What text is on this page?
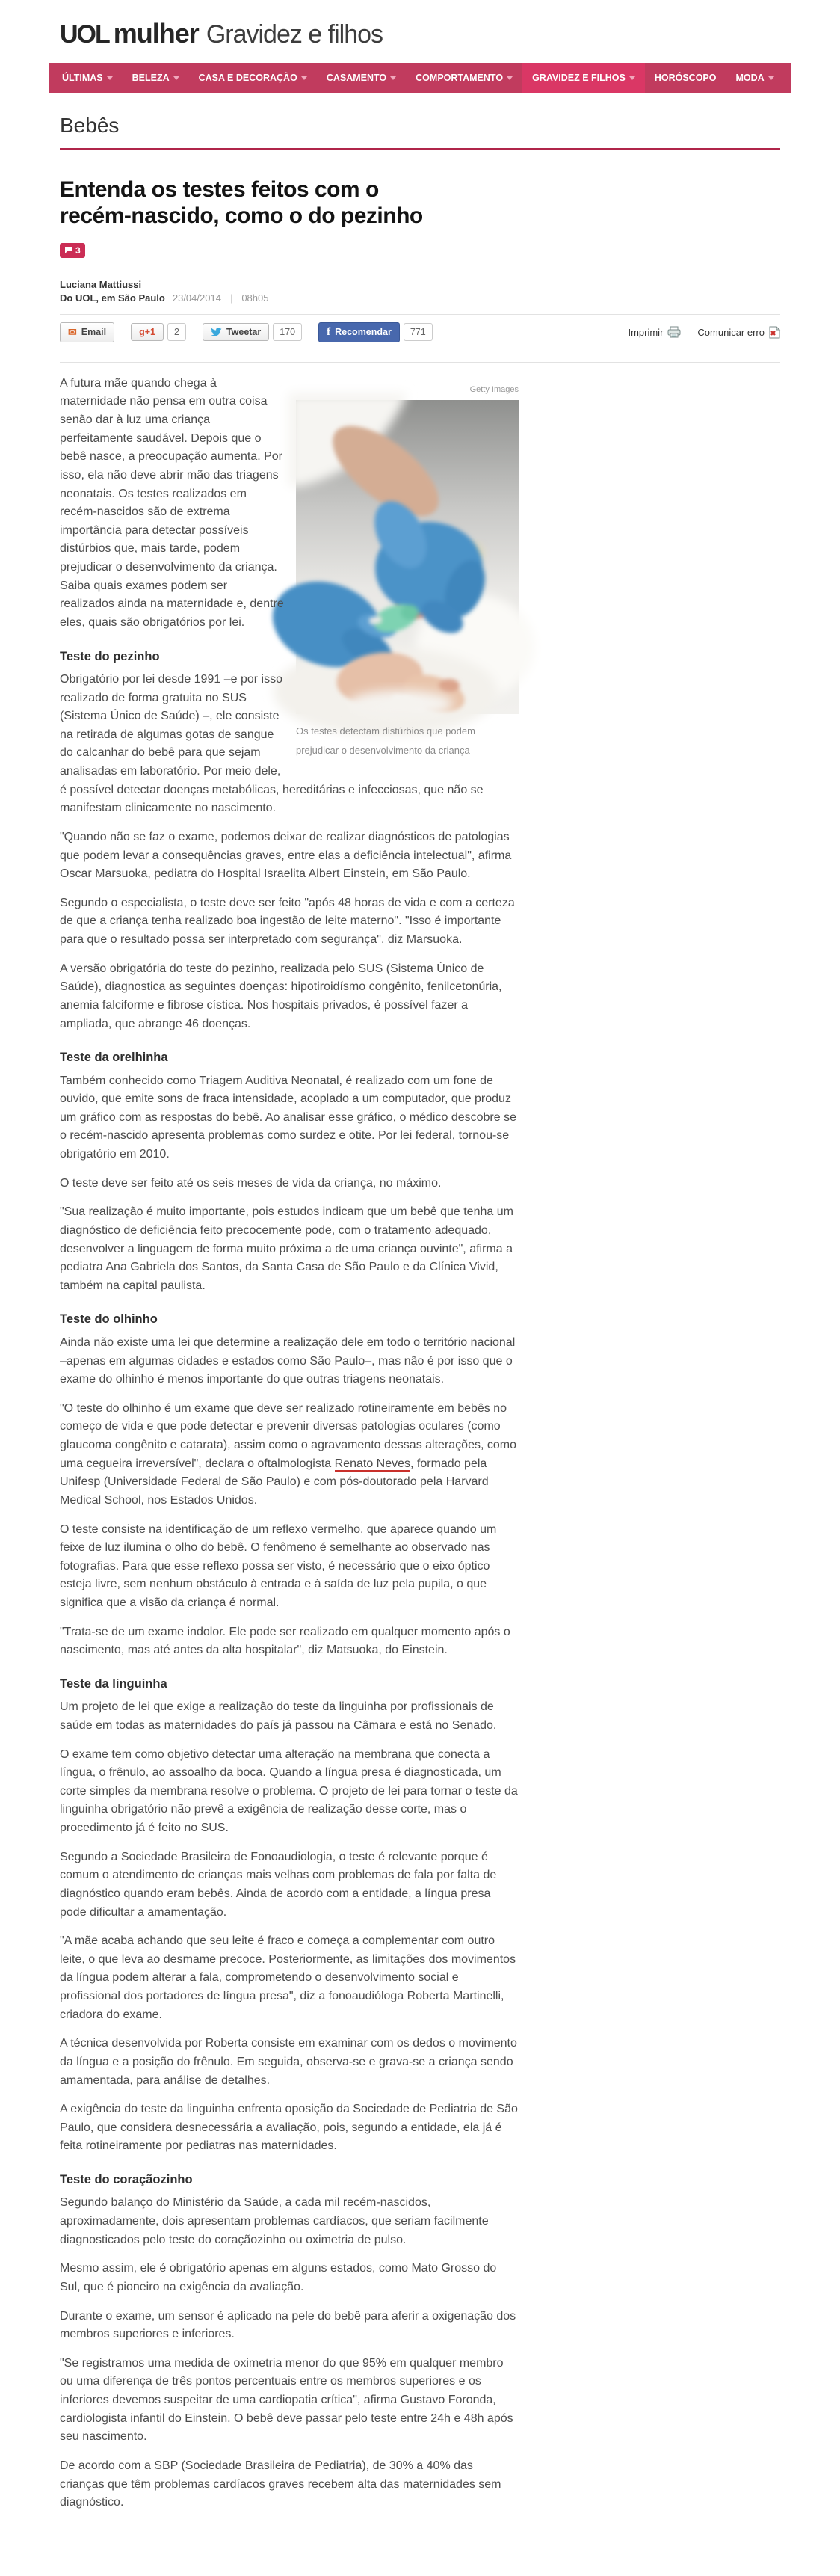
UOL mulher Gravidez e filhos
ÚLTIMAS	BELEZA	CASA E DECORAÇÃO	CASAMENTO	COMPORTAMENTO	GRAVIDEZ E FILHOS	HORÓSCOPO MODA	+ CANAIS
Bebês
Entenda os testes feitos com o recém-nascido, como o do pezinho
3
Luciana Mattiussi
Do UOL, em São Paulo 23/04/2014 | 08h05
✉ Email	g+1	2	Tweetar	170	f Recomendar	771	Imprimir	Comunicar erro
Getty Images
Os testes detectam distúrbios que podem prejudicar o desenvolvimento da criança

A futura mãe quando chega à maternidade não pensa em outra coisa senão dar à luz uma criança perfeitamente saudável. Depois que o bebê nasce, a preocupação aumenta. Por isso, ela não deve abrir mão das triagens neonatais. Os testes realizados em recém-nascidos são de extrema importância para detectar possíveis distúrbios que, mais tarde, podem prejudicar o desenvolvimento da criança. Saiba quais exames podem ser realizados ainda na maternidade e, dentre eles, quais são obrigatórios por lei.

Teste do pezinho

Obrigatório por lei desde 1991 –e por isso realizado de forma gratuita no SUS (Sistema Único de Saúde) –, ele consiste na retirada de algumas gotas de sangue do calcanhar do bebê para que sejam analisadas em laboratório. Por meio dele, é possível detectar doenças metabólicas, hereditárias e infecciosas, que não se manifestam clinicamente no nascimento.

"Quando não se faz o exame, podemos deixar de realizar diagnósticos de patologias que podem levar a consequências graves, entre elas a deficiência intelectual", afirma Oscar Marsuoka, pediatra do Hospital Israelita Albert Einstein, em São Paulo.

Segundo o especialista, o teste deve ser feito "após 48 horas de vida e com a certeza de que a criança tenha realizado boa ingestão de leite materno". "Isso é importante para que o resultado possa ser interpretado com segurança", diz Marsuoka.

A versão obrigatória do teste do pezinho, realizada pelo SUS (Sistema Único de Saúde), diagnostica as seguintes doenças: hipotiroidísmo congênito, fenilcetonúria, anemia falciforme e fibrose cística. Nos hospitais privados, é possível fazer a ampliada, que abrange 46 doenças.

Teste da orelhinha

Também conhecido como Triagem Auditiva Neonatal, é realizado com um fone de ouvido, que emite sons de fraca intensidade, acoplado a um computador, que produz um gráfico com as respostas do bebê. Ao analisar esse gráfico, o médico descobre se o recém-nascido apresenta problemas como surdez e otite. Por lei federal, tornou-se obrigatório em 2010.

O teste deve ser feito até os seis meses de vida da criança, no máximo.

"Sua realização é muito importante, pois estudos indicam que um bebê que tenha um diagnóstico de deficiência feito precocemente pode, com o tratamento adequado, desenvolver a linguagem de forma muito próxima a de uma criança ouvinte", afirma a pediatra Ana Gabriela dos Santos, da Santa Casa de São Paulo e da Clínica Vivid, também na capital paulista.

Teste do olhinho

Ainda não existe uma lei que determine a realização dele em todo o território nacional –apenas em algumas cidades e estados como São Paulo–, mas não é por isso que o exame do olhinho é menos importante do que outras triagens neonatais.

"O teste do olhinho é um exame que deve ser realizado rotineiramente em bebês no começo de vida e que pode detectar e prevenir diversas patologias oculares (como glaucoma congênito e catarata), assim como o agravamento dessas alterações, como uma cegueira irreversível", declara o oftalmologista Renato Neves, formado pela Unifesp (Universidade Federal de São Paulo) e com pós-doutorado pela Harvard Medical School, nos Estados Unidos.

O teste consiste na identificação de um reflexo vermelho, que aparece quando um feixe de luz ilumina o olho do bebê. O fenômeno é semelhante ao observado nas fotografias. Para que esse reflexo possa ser visto, é necessário que o eixo óptico esteja livre, sem nenhum obstáculo à entrada e à saída de luz pela pupila, o que significa que a visão da criança é normal.

"Trata-se de um exame indolor. Ele pode ser realizado em qualquer momento após o nascimento, mas até antes da alta hospitalar", diz Matsuoka, do Einstein.

Teste da linguinha

Um projeto de lei que exige a realização do teste da linguinha por profissionais de saúde em todas as maternidades do país já passou na Câmara e está no Senado.

O exame tem como objetivo detectar uma alteração na membrana que conecta a língua, o frênulo, ao assoalho da boca. Quando a língua presa é diagnosticada, um corte simples da membrana resolve o problema. O projeto de lei para tornar o teste da linguinha obrigatório não prevê a exigência de realização desse corte, mas o procedimento já é feito no SUS.

Segundo a Sociedade Brasileira de Fonoaudiologia, o teste é relevante porque é comum o atendimento de crianças mais velhas com problemas de fala por falta de diagnóstico quando eram bebês. Ainda de acordo com a entidade, a língua presa pode dificultar a amamentação.

"A mãe acaba achando que seu leite é fraco e começa a complementar com outro leite, o que leva ao desmame precoce. Posteriormente, as limitações dos movimentos da língua podem alterar a fala, comprometendo o desenvolvimento social e profissional dos portadores de língua presa", diz a fonoaudióloga Roberta Martinelli, criadora do exame.

A técnica desenvolvida por Roberta consiste em examinar com os dedos o movimento da língua e a posição do frênulo. Em seguida, observa-se e grava-se a criança sendo amamentada, para análise de detalhes.

A exigência do teste da linguinha enfrenta oposição da Sociedade de Pediatria de São Paulo, que considera desnecessária a avaliação, pois, segundo a entidade, ela já é feita rotineiramente por pediatras nas maternidades.

Teste do coraçãozinho

Segundo balanço do Ministério da Saúde, a cada mil recém-nascidos, aproximadamente, dois apresentam problemas cardíacos, que seriam facilmente diagnosticados pelo teste do coraçãozinho ou oximetria de pulso.

Mesmo assim, ele é obrigatório apenas em alguns estados, como Mato Grosso do Sul, que é pioneiro na exigência da avaliação.

Durante o exame, um sensor é aplicado na pele do bebê para aferir a oxigenação dos membros superiores e inferiores.

"Se registramos uma medida de oximetria menor do que 95% em qualquer membro ou uma diferença de três pontos percentuais entre os membros superiores e os inferiores devemos suspeitar de uma cardiopatia crítica", afirma Gustavo Foronda, cardiologista infantil do Einstein. O bebê deve passar pelo teste entre 24h e 48h após seu nascimento.

De acordo com a SBP (Sociedade Brasileira de Pediatria), de 30% a 40% das crianças que têm problemas cardíacos graves recebem alta das maternidades sem diagnóstico.
